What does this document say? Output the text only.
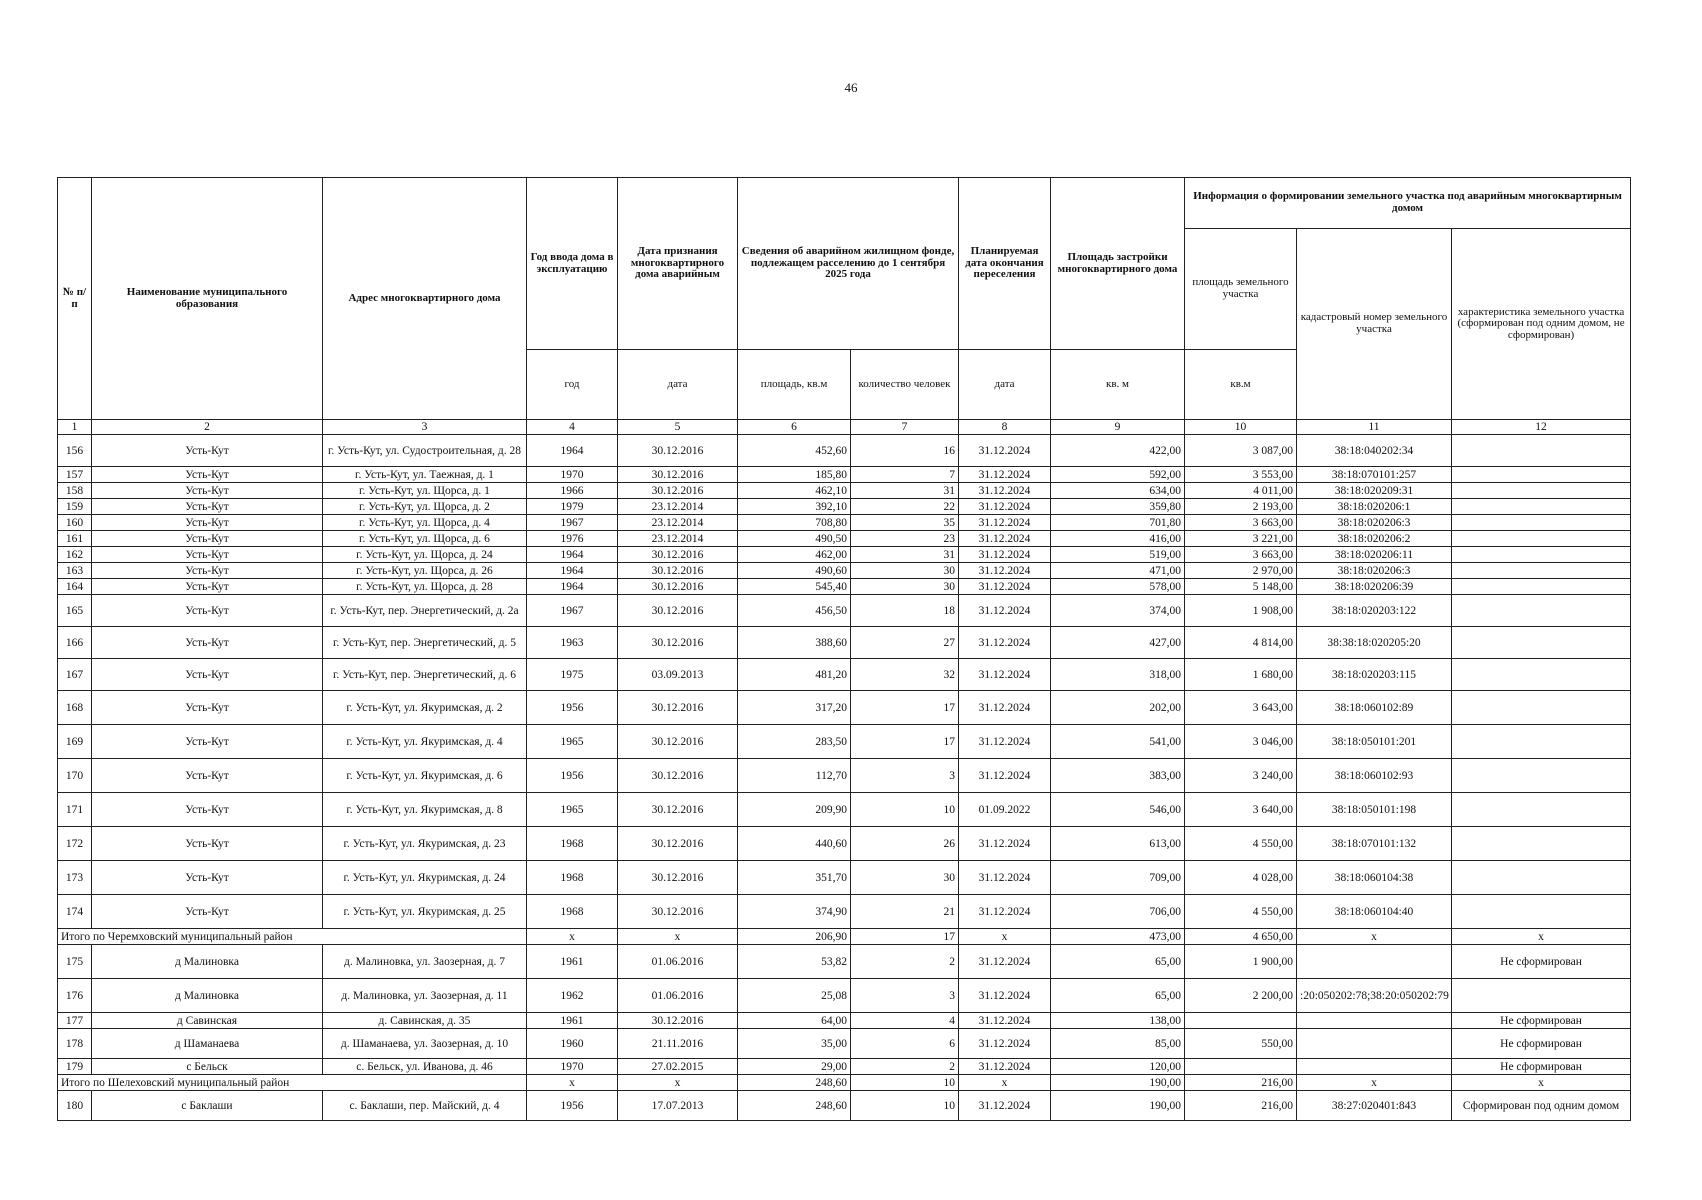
46
№ п/п	Наименование муниципального образования	Адрес многоквартирного дома	Год ввода дома в эксплуатацию	Дата признания многоквартирного дома аварийным	Сведения об аварийном жилищном фонде, подлежащем расселению до 1 сентября 2025 года		Планируемая дата окончания переселения	Площадь застройки многоквартирного дома	Информация о формировании земельного участка под аварийным многоквартирным домом		
									площадь земельного участка	кадастровый номер земельного участка	характеристика земельного участка (сформирован под одним домом, не сформирован)
			год	дата	площадь, кв.м	количество человек	дата	кв. м	кв.м		
1	2	3	4	5	6	7	8	9	10	11	12
156	Усть-Кут	г. Усть-Кут, ул. Судостроительная, д. 28	1964	30.12.2016	452,60	16	31.12.2024	422,00	3 087,00	38:18:040202:34	
157	Усть-Кут	г. Усть-Кут, ул. Таежная, д. 1	1970	30.12.2016	185,80	7	31.12.2024	592,00	3 553,00	38:18:070101:257	
158	Усть-Кут	г. Усть-Кут, ул. Щорса, д. 1	1966	30.12.2016	462,10	31	31.12.2024	634,00	4 011,00	38:18:020209:31	
159	Усть-Кут	г. Усть-Кут, ул. Щорса, д. 2	1979	23.12.2014	392,10	22	31.12.2024	359,80	2 193,00	38:18:020206:1	
160	Усть-Кут	г. Усть-Кут, ул. Щорса, д. 4	1967	23.12.2014	708,80	35	31.12.2024	701,80	3 663,00	38:18:020206:3	
161	Усть-Кут	г. Усть-Кут, ул. Щорса, д. 6	1976	23.12.2014	490,50	23	31.12.2024	416,00	3 221,00	38:18:020206:2	
162	Усть-Кут	г. Усть-Кут, ул. Щорса, д. 24	1964	30.12.2016	462,00	31	31.12.2024	519,00	3 663,00	38:18:020206:11	
163	Усть-Кут	г. Усть-Кут, ул. Щорса, д. 26	1964	30.12.2016	490,60	30	31.12.2024	471,00	2 970,00	38:18:020206:3	
164	Усть-Кут	г. Усть-Кут, ул. Щорса, д. 28	1964	30.12.2016	545,40	30	31.12.2024	578,00	5 148,00	38:18:020206:39	
165	Усть-Кут	г. Усть-Кут, пер. Энергетический, д. 2а	1967	30.12.2016	456,50	18	31.12.2024	374,00	1 908,00	38:18:020203:122	
166	Усть-Кут	г. Усть-Кут, пер. Энергетический, д. 5	1963	30.12.2016	388,60	27	31.12.2024	427,00	4 814,00	38:38:18:020205:20	
167	Усть-Кут	г. Усть-Кут, пер. Энергетический, д. 6	1975	03.09.2013	481,20	32	31.12.2024	318,00	1 680,00	38:18:020203:115	
168	Усть-Кут	г. Усть-Кут, ул. Якуримская, д. 2	1956	30.12.2016	317,20	17	31.12.2024	202,00	3 643,00	38:18:060102:89	
169	Усть-Кут	г. Усть-Кут, ул. Якуримская, д. 4	1965	30.12.2016	283,50	17	31.12.2024	541,00	3 046,00	38:18:050101:201	
170	Усть-Кут	г. Усть-Кут, ул. Якуримская, д. 6	1956	30.12.2016	112,70	3	31.12.2024	383,00	3 240,00	38:18:060102:93	
171	Усть-Кут	г. Усть-Кут, ул. Якуримская, д. 8	1965	30.12.2016	209,90	10	01.09.2022	546,00	3 640,00	38:18:050101:198	
172	Усть-Кут	г. Усть-Кут, ул. Якуримская, д. 23	1968	30.12.2016	440,60	26	31.12.2024	613,00	4 550,00	38:18:070101:132	
173	Усть-Кут	г. Усть-Кут, ул. Якуримская, д. 24	1968	30.12.2016	351,70	30	31.12.2024	709,00	4 028,00	38:18:060104:38	
174	Усть-Кут	г. Усть-Кут, ул. Якуримская, д. 25	1968	30.12.2016	374,90	21	31.12.2024	706,00	4 550,00	38:18:060104:40	
Итого по Черемховский муниципальный район			х	х	206,90	17	х	473,00	4 650,00	х	х
175	д Малиновка	д. Малиновка, ул. Заозерная, д. 7	1961	01.06.2016	53,82	2	31.12.2024	65,00	1 900,00		Не сформирован
176	д Малиновка	д. Малиновка, ул. Заозерная, д. 11	1962	01.06.2016	25,08	3	31.12.2024	65,00	2 200,00	:20:050202:78;38:20:050202:79	
177	д Савинская	д. Савинская, д. 35	1961	30.12.2016	64,00	4	31.12.2024	138,00			Не сформирован
178	д Шаманаева	д. Шаманаева, ул. Заозерная, д. 10	1960	21.11.2016	35,00	6	31.12.2024	85,00	550,00		Не сформирован
179	с Бельск	с. Бельск, ул. Иванова, д. 46	1970	27.02.2015	29,00	2	31.12.2024	120,00			Не сформирован
Итого по Шелеховский муниципальный район			х	х	248,60	10	х	190,00	216,00	х	х
180	с Баклаши	с. Баклаши, пер. Майский, д. 4	1956	17.07.2013	248,60	10	31.12.2024	190,00	216,00	38:27:020401:843	Сформирован под одним домом
